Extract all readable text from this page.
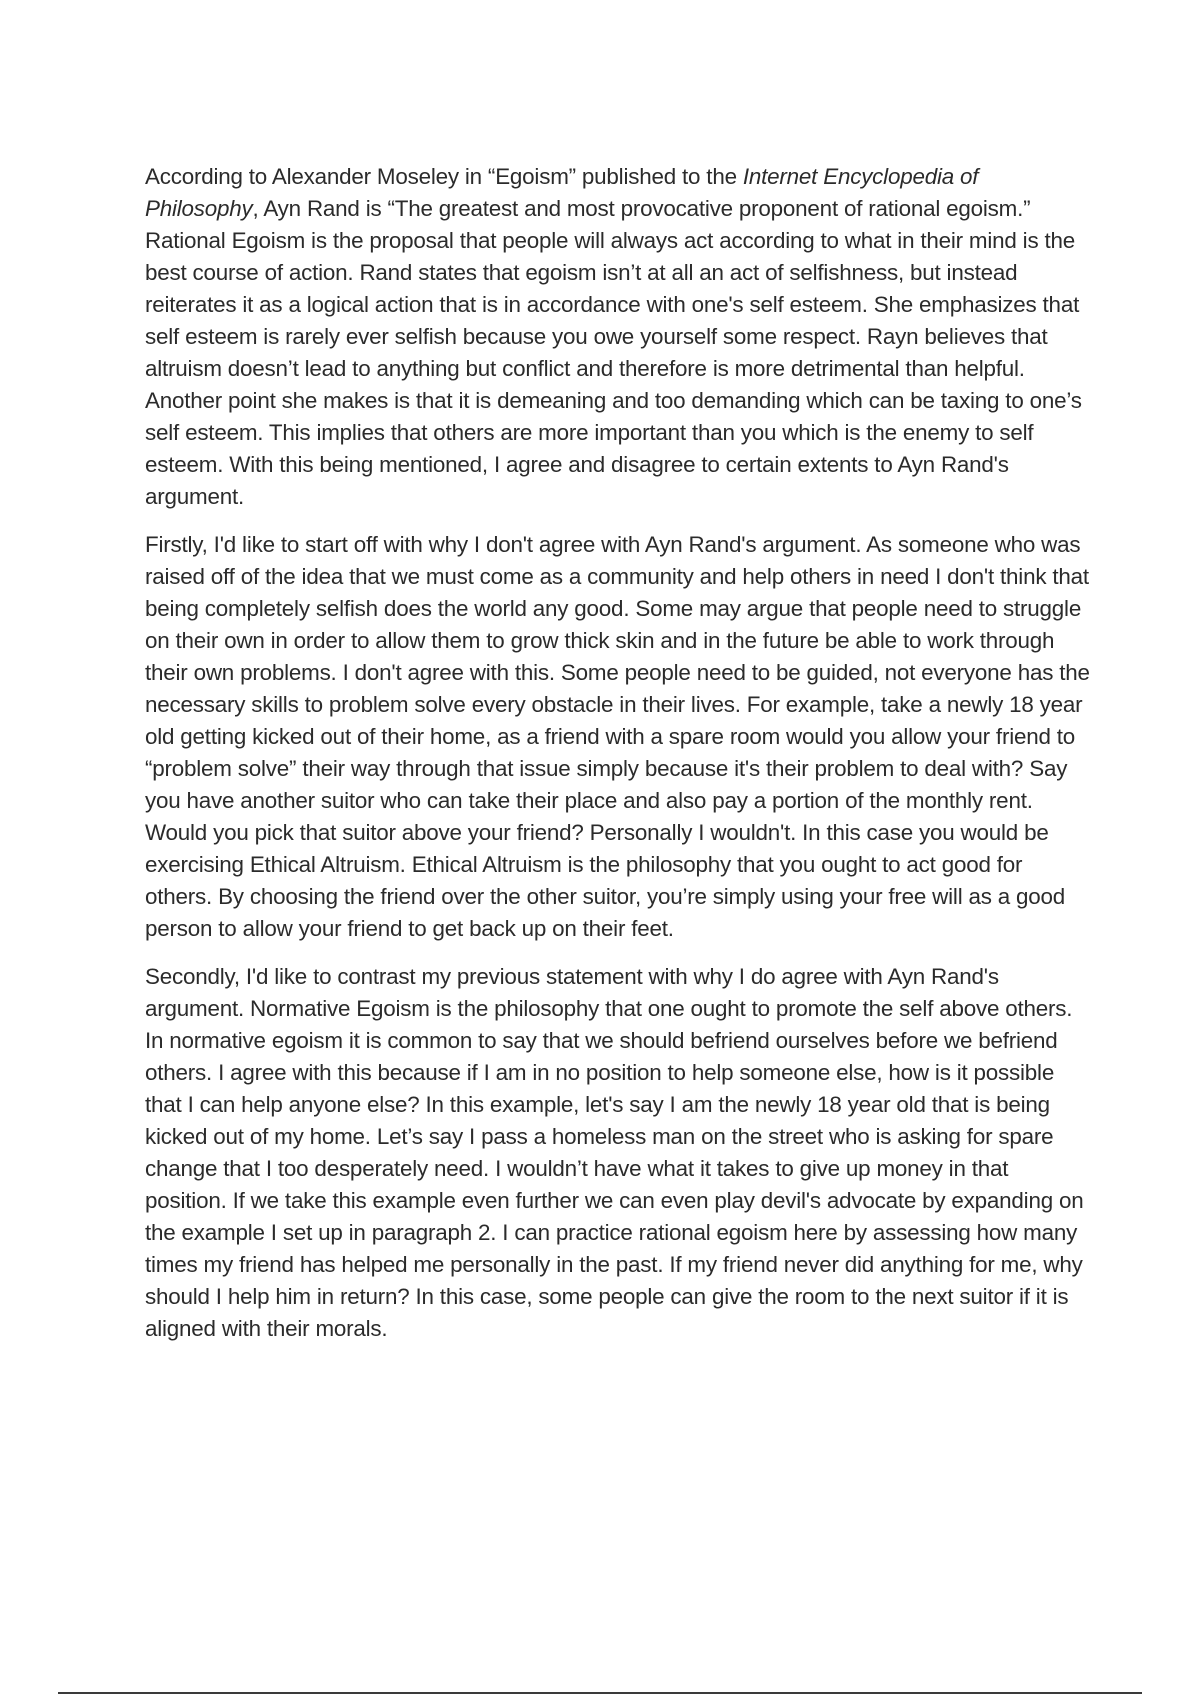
According to Alexander Moseley in “Egoism” published to the Internet Encyclopedia of Philosophy, Ayn Rand is “The greatest and most provocative proponent of rational egoism.” Rational Egoism is the proposal that people will always act according to what in their mind is the best course of action. Rand states that egoism isn’t at all an act of selfishness, but instead reiterates it as a logical action that is in accordance with one's self esteem. She emphasizes that self esteem is rarely ever selfish because you owe yourself some respect. Rayn believes that altruism doesn’t lead to anything but conflict and therefore is more detrimental than helpful. Another point she makes is that it is demeaning and too demanding which can be taxing to one’s self esteem. This implies that others are more important than you which is the enemy to self esteem. With this being mentioned, I agree and disagree to certain extents to Ayn Rand's argument.

Firstly, I'd like to start off with why I don't agree with Ayn Rand's argument. As someone who was raised off of the idea that we must come as a community and help others in need I don't think that being completely selfish does the world any good. Some may argue that people need to struggle on their own in order to allow them to grow thick skin and in the future be able to work through their own problems. I don't agree with this. Some people need to be guided, not everyone has the necessary skills to problem solve every obstacle in their lives. For example, take a newly 18 year old getting kicked out of their home, as a friend with a spare room would you allow your friend to “problem solve” their way through that issue simply because it's their problem to deal with? Say you have another suitor who can take their place and also pay a portion of the monthly rent. Would you pick that suitor above your friend? Personally I wouldn't. In this case you would be exercising Ethical Altruism. Ethical Altruism is the philosophy that you ought to act good for others. By choosing the friend over the other suitor, you’re simply using your free will as a good person to allow your friend to get back up on their feet.

Secondly, I'd like to contrast my previous statement with why I do agree with Ayn Rand's argument. Normative Egoism is the philosophy that one ought to promote the self above others. In normative egoism it is common to say that we should befriend ourselves before we befriend others. I agree with this because if I am in no position to help someone else, how is it possible that I can help anyone else? In this example, let's say I am the newly 18 year old that is being kicked out of my home. Let’s say I pass a homeless man on the street who is asking for spare change that I too desperately need. I wouldn’t have what it takes to give up money in that position. If we take this example even further we can even play devil's advocate by expanding on the example I set up in paragraph 2. I can practice rational egoism here by assessing how many times my friend has helped me personally in the past. If my friend never did anything for me, why should I help him in return? In this case, some people can give the room to the next suitor if it is aligned with their morals.
